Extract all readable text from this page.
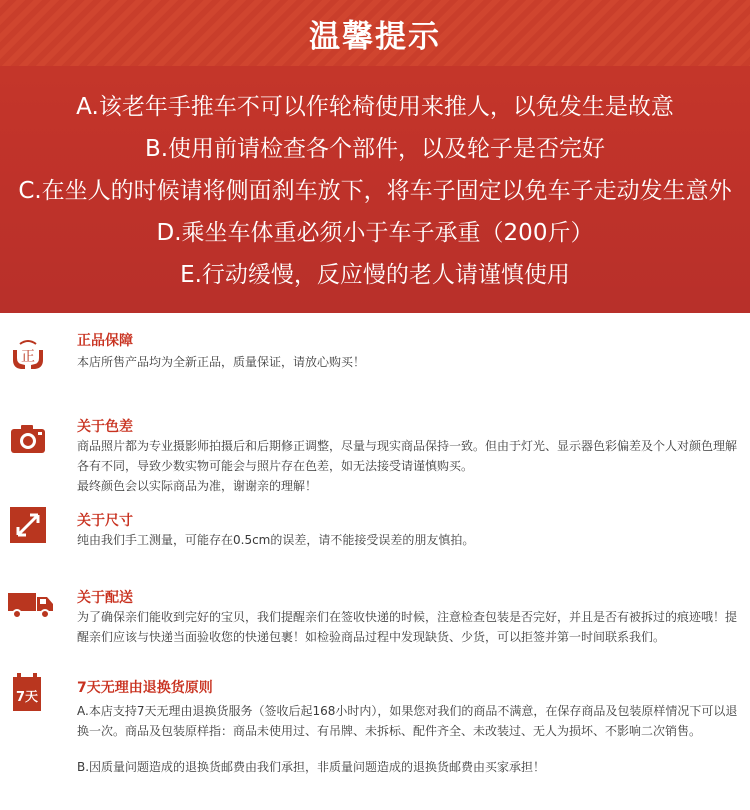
温馨提示
A.该老年手推车不可以作轮椅使用来推人，以免发生是故意
B.使用前请检查各个部件，以及轮子是否完好
C.在坐人的时候请将侧面刹车放下，将车子固定以免车子走动发生意外
D.乘坐车体重必须小于车子承重（200斤）
E.行动缓慢，反应慢的老人请谨慎使用
正
正品保障

本店所售产品均为全新正品，质量保证，请放心购买！

关于色差

商品照片都为专业摄影师拍摄后和后期修正调整，尽量与现实商品保持一致。但由于灯光、显示器色彩偏差及个人对颜色理解各有不同，导致少数实物可能会与照片存在色差，如无法接受请谨慎购买。

最终颜色会以实际商品为准，谢谢亲的理解！

关于尺寸

纯由我们手工测量，可能存在0.5cm的误差，请不能接受误差的朋友慎拍。

关于配送

为了确保亲们能收到完好的宝贝，我们提醒亲们在签收快递的时候，注意检查包装是否完好，并且是否有被拆过的痕迹哦！提醒亲们应该与快递当面验收您的快递包裹！如检验商品过程中发现缺货、少货，可以拒签并第一时间联系我们。

7天
7天无理由退换货原则

A.本店支持7天无理由退换货服务（签收后起168小时内），如果您对我们的商品不满意，在保存商品及包装原样情况下可以退换一次。商品及包装原样指：商品未使用过、有吊牌、未拆标、配件齐全、未改装过、无人为损坏、不影响二次销售。

B.因质量问题造成的退换货邮费由我们承担，非质量问题造成的退换货邮费由买家承担！
